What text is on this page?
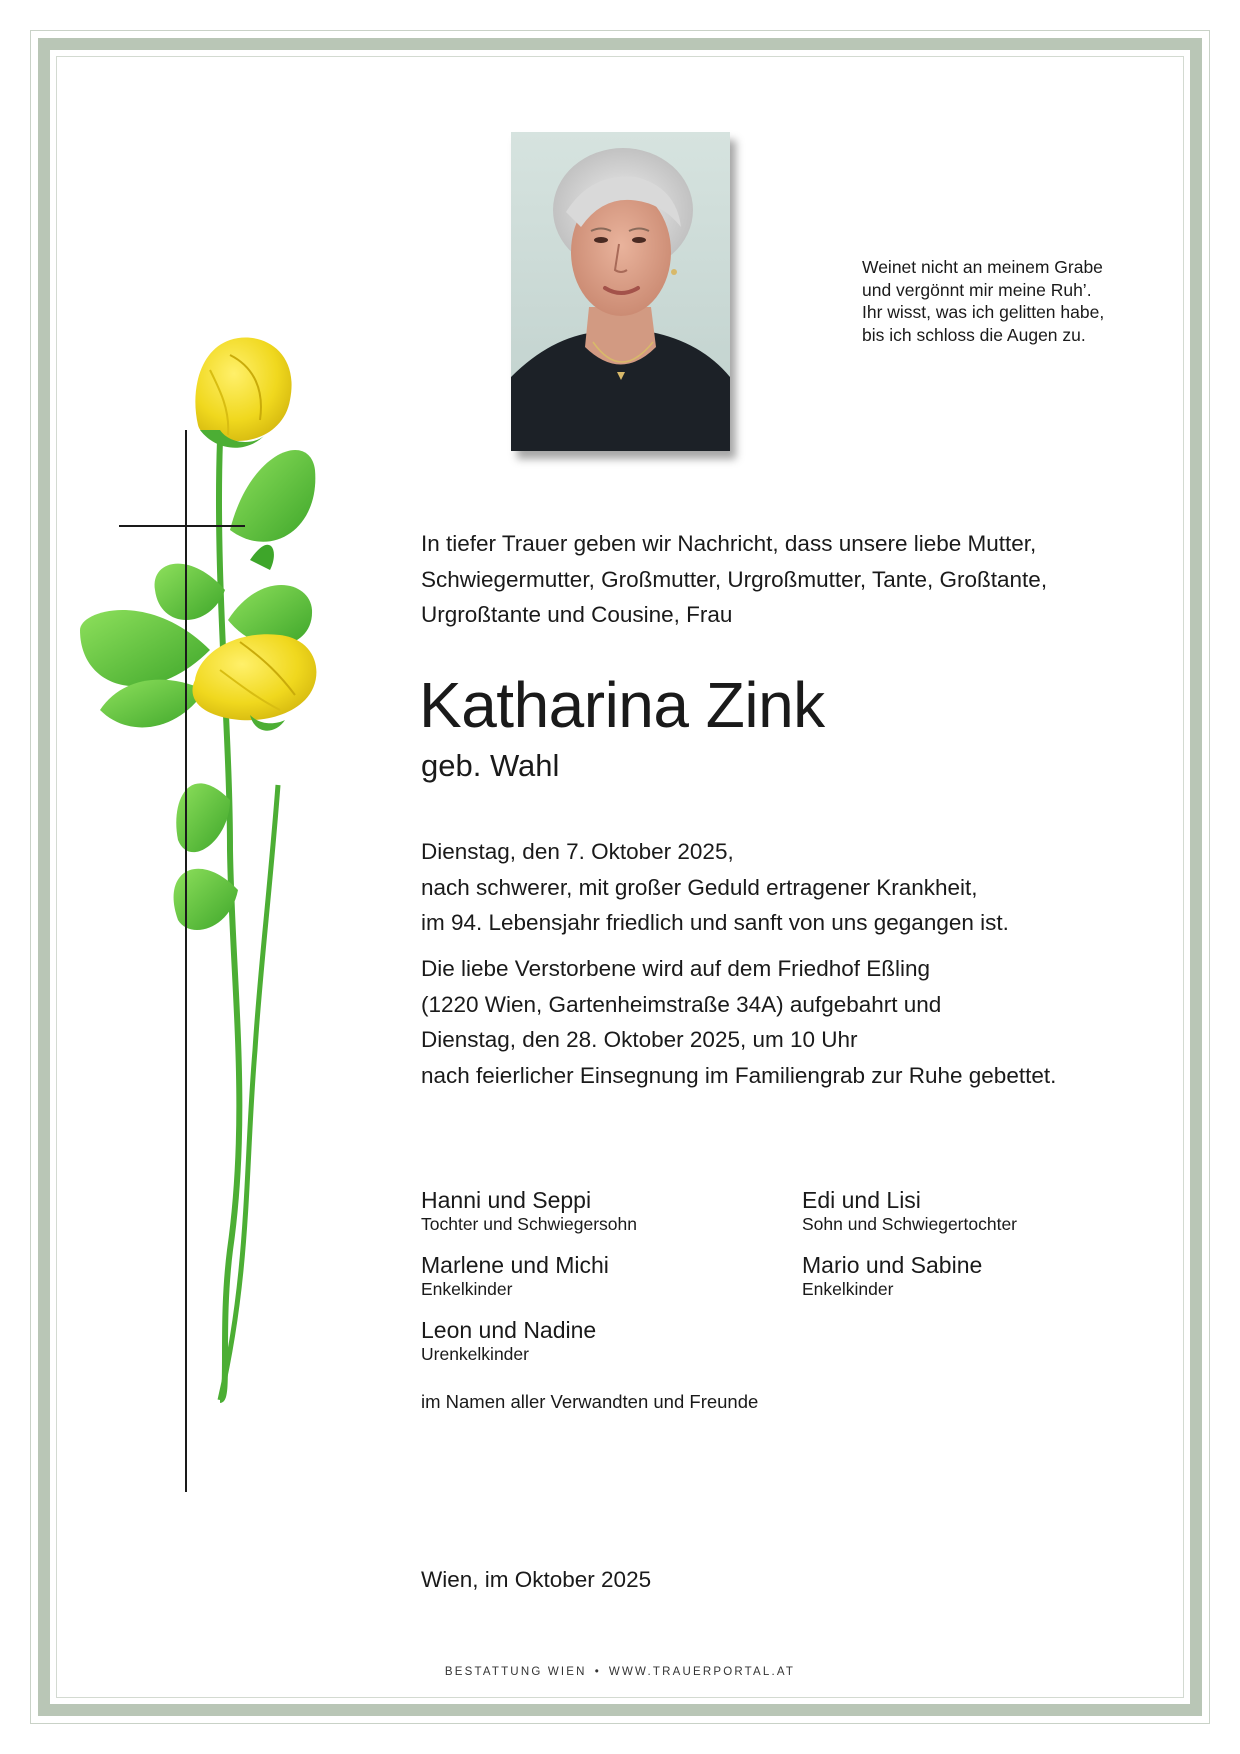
Weinet nicht an meinem Grabe
und vergönnt mir meine Ruh’.
Ihr wisst, was ich gelitten habe,
bis ich schloss die Augen zu.
In tiefer Trauer geben wir Nachricht, dass unsere liebe Mutter,
Schwiegermutter, Großmutter, Urgroßmutter, Tante, Großtante,
Urgroßtante und Cousine, Frau
Katharina Zink
geb. Wahl
Dienstag, den 7. Oktober 2025,
nach schwerer, mit großer Geduld ertragener Krankheit,
im 94. Lebensjahr friedlich und sanft von uns gegangen ist.
Die liebe Verstorbene wird auf dem Friedhof Eßling
(1220 Wien, Gartenheimstraße 34A) aufgebahrt und
Dienstag, den 28. Oktober 2025, um 10 Uhr
nach feierlicher Einsegnung im Familiengrab zur Ruhe gebettet.
Hanni und Seppi
Tochter und Schwiegersohn
Edi und Lisi
Sohn und Schwiegertochter
Marlene und Michi
Enkelkinder
Mario und Sabine
Enkelkinder
Leon und Nadine
Urenkelkinder
im Namen aller Verwandten und Freunde
Wien, im Oktober 2025
BESTATTUNG WIEN • WWW.TRAUERPORTAL.AT
